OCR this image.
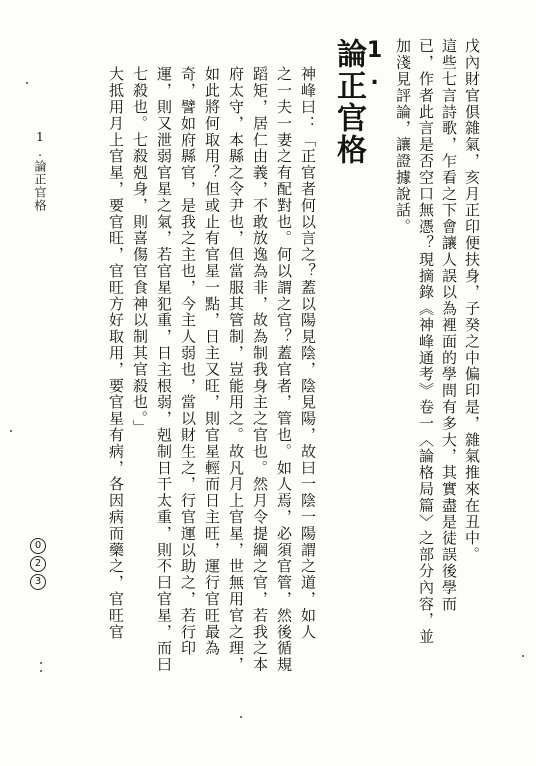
戊內財官俱雜氣，亥月正印便扶身，子癸之中偏印是，雜氣推來在丑中。
這些七言詩歌，乍看之下會讓人誤以為裡面的學問有多大，其實盡是徒誤後學而
已，作者此言是否空口無憑？現摘錄《神峰通考》卷一〈論格局篇〉之部分內容，並
加淺見評論，讓證據說話。
1.
論正官格
神峰曰：「正官者何以言之？蓋以陽見陰，陰見陽，故曰一陰一陽謂之道，如人
之一夫一妻之有配對也。何以謂之官？蓋官者，管也。如人焉，必須官管，然後循規
蹈矩，居仁由義，不敢放逸為非，故為制我身主之官也。然月令提綱之官，若我之本
府太守，本縣之令尹也，但當服其管制，豈能用之。故凡月上官星，世無用官之理，
如此將何取用？但或止有官星一點，日主又旺，則官星輕而日主旺，運行官旺最為
奇，譬如府縣官，是我之主也，今主人弱也，當以財生之，行官運以助之，若行印
運，則又泄弱官星之氣，若官星犯重，日主根弱，剋制日干太重，則不曰官星，而曰
七殺也。七殺剋身，則喜傷官食神以制其官殺也。」
大抵用月上官星，要官旺，官旺方好取用，要官星有病，各因病而藥之，官旺官
1.論正官格
0
2
3
